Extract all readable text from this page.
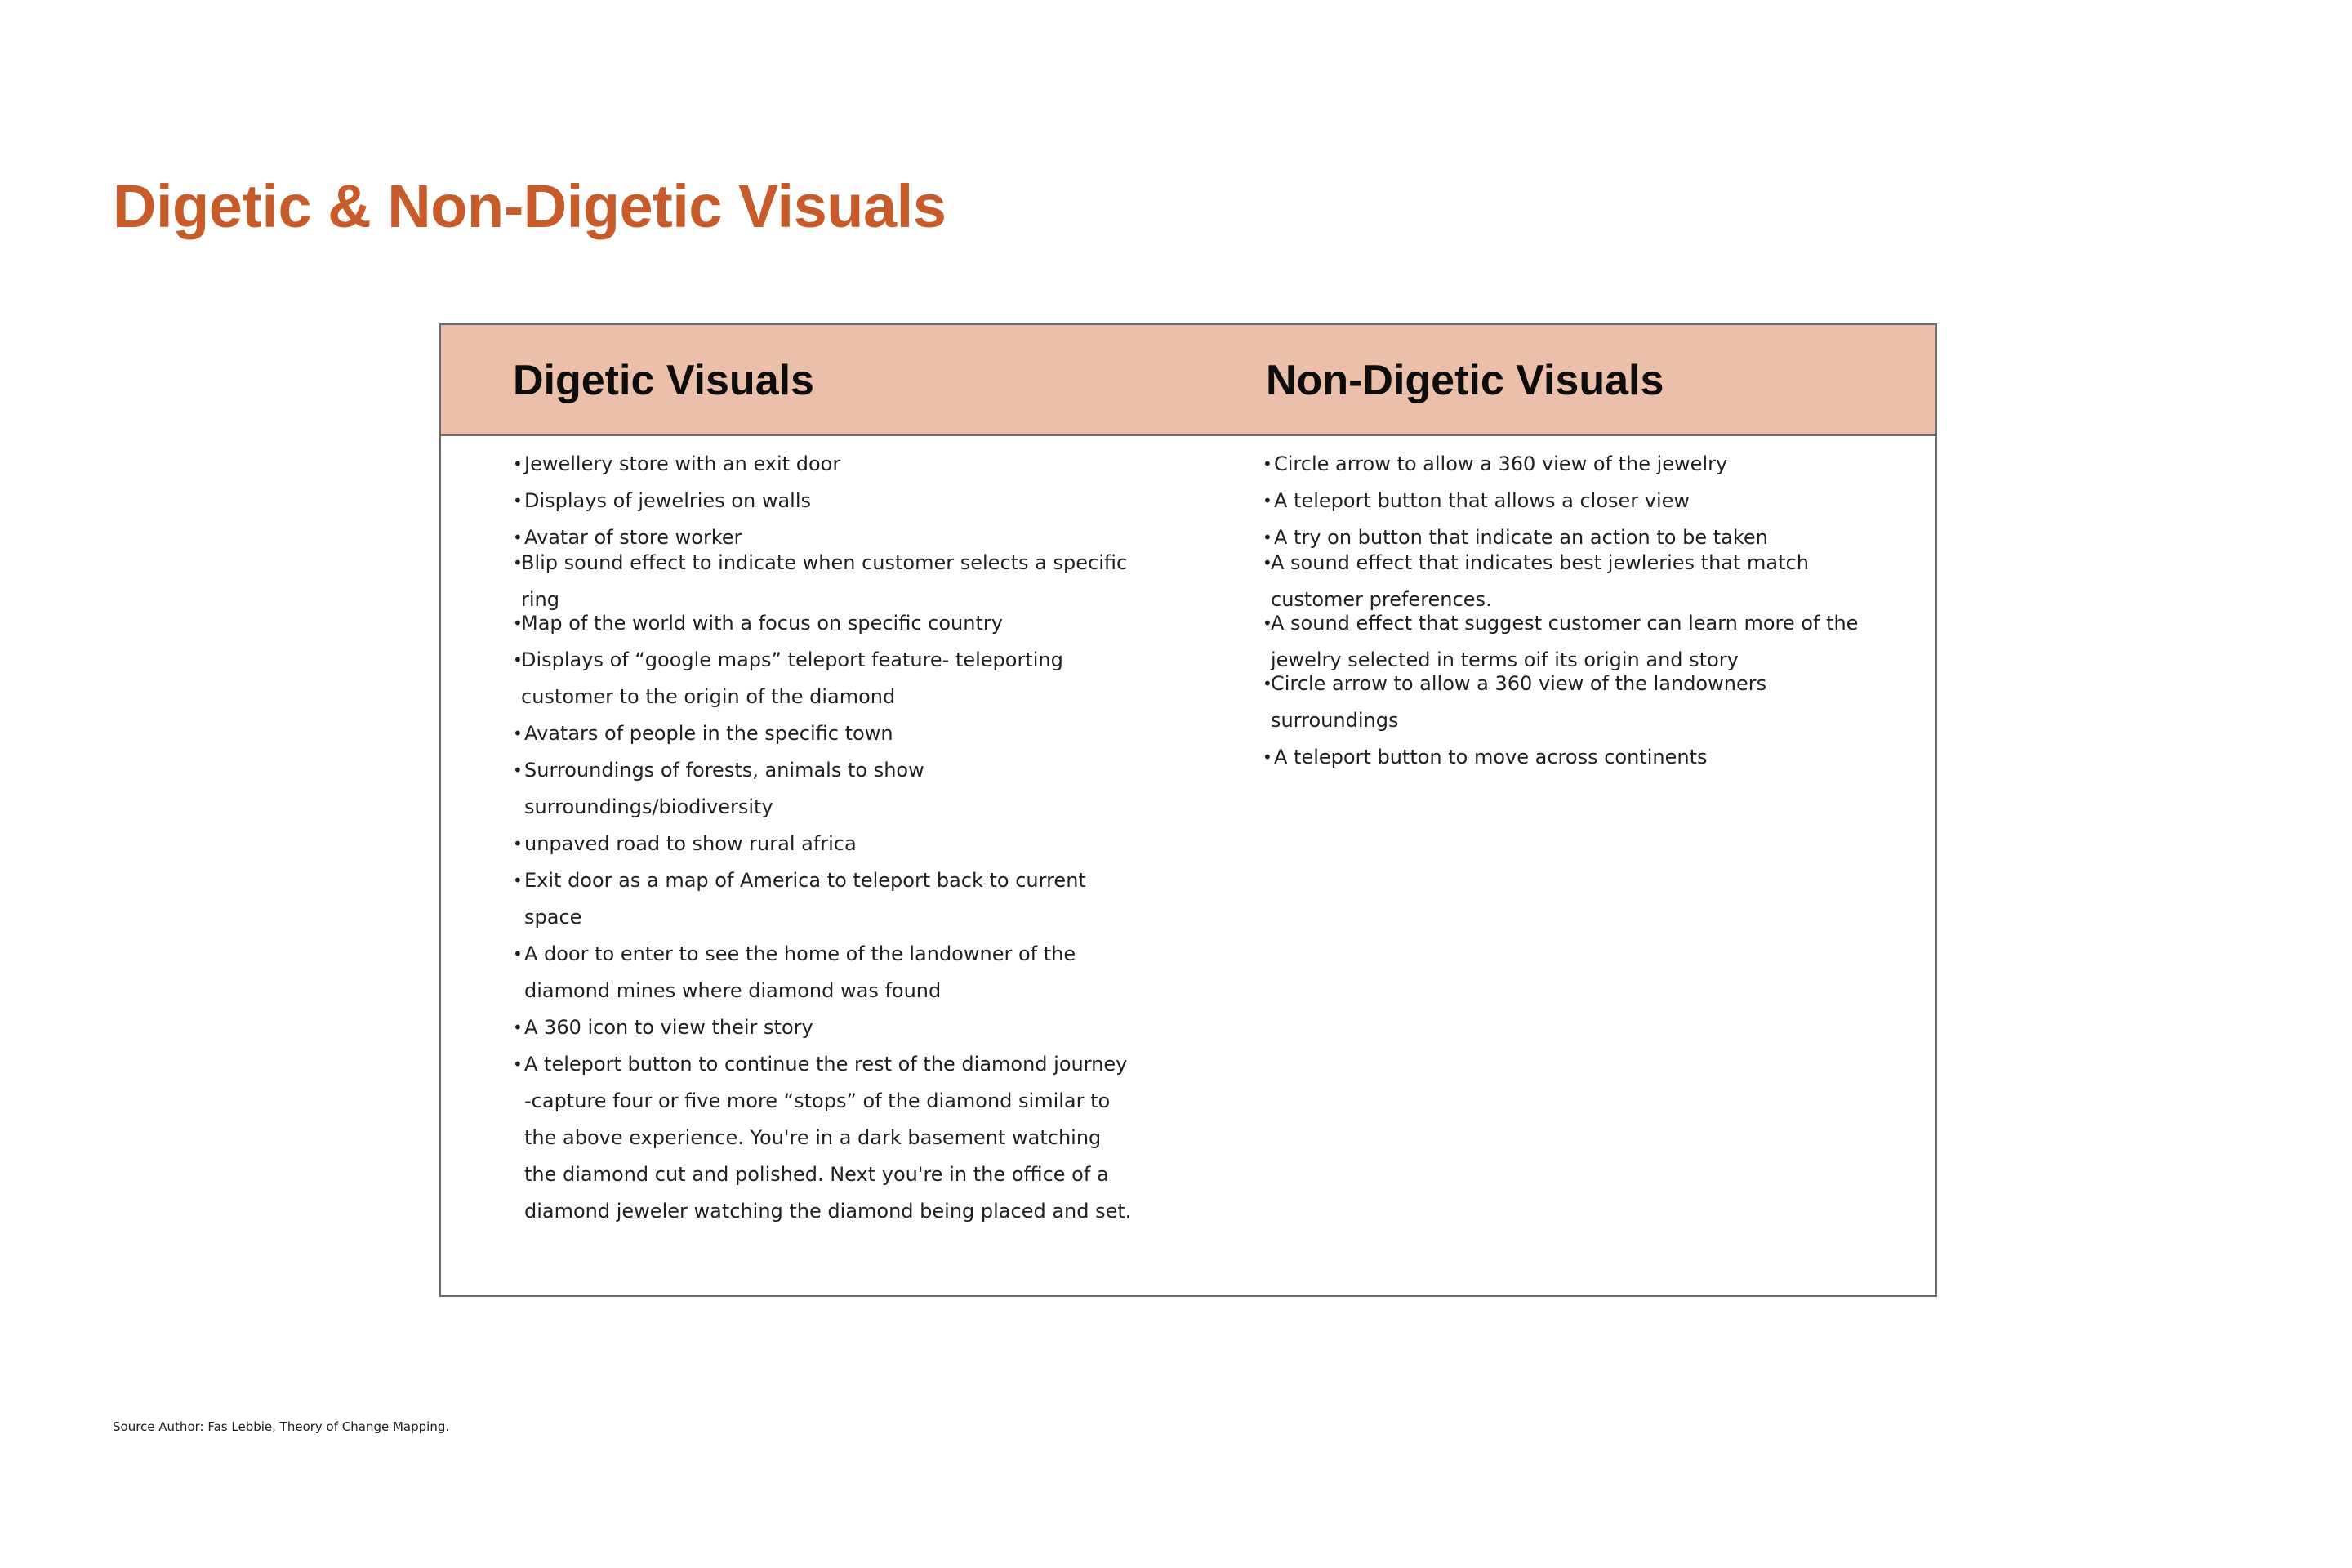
Digetic & Non-Digetic Visuals
Digetic Visuals	Non-Digetic Visuals
• Jewellery store with an exit door
• Displays of jewelries on walls
• Avatar of store worker
• Blip sound effect to indicate when customer selects a specific ring
• Map of the world with a focus on specific country
• Displays of “google maps” teleport feature- teleporting customer to the origin of the diamond
• Avatars of people in the specific town
• Surroundings of forests, animals to show surroundings/biodiversity
• unpaved road to show rural africa
• Exit door as a map of America to teleport back to current space
• A door to enter to see the home of the landowner of the diamond mines where diamond was found
• A 360 icon to view their story
• A teleport button to continue the rest of the diamond journey -capture four or five more “stops” of the diamond similar to the above experience. You're in a dark basement watching the diamond cut and polished. Next you're in the office of a diamond jeweler watching the diamond being placed and set.
• Circle arrow to allow a 360 view of the jewelry
• A teleport button that allows a closer view
• A try on button that indicate an action to be taken
• A sound effect that indicates best jewleries that match customer preferences.
• A sound effect that suggest customer can learn more of the jewelry selected in terms oif its origin and story
• Circle arrow to allow a 360 view of the landowners surroundings
• A teleport button to move across continents
Source Author: Fas Lebbie, Theory of Change Mapping.
